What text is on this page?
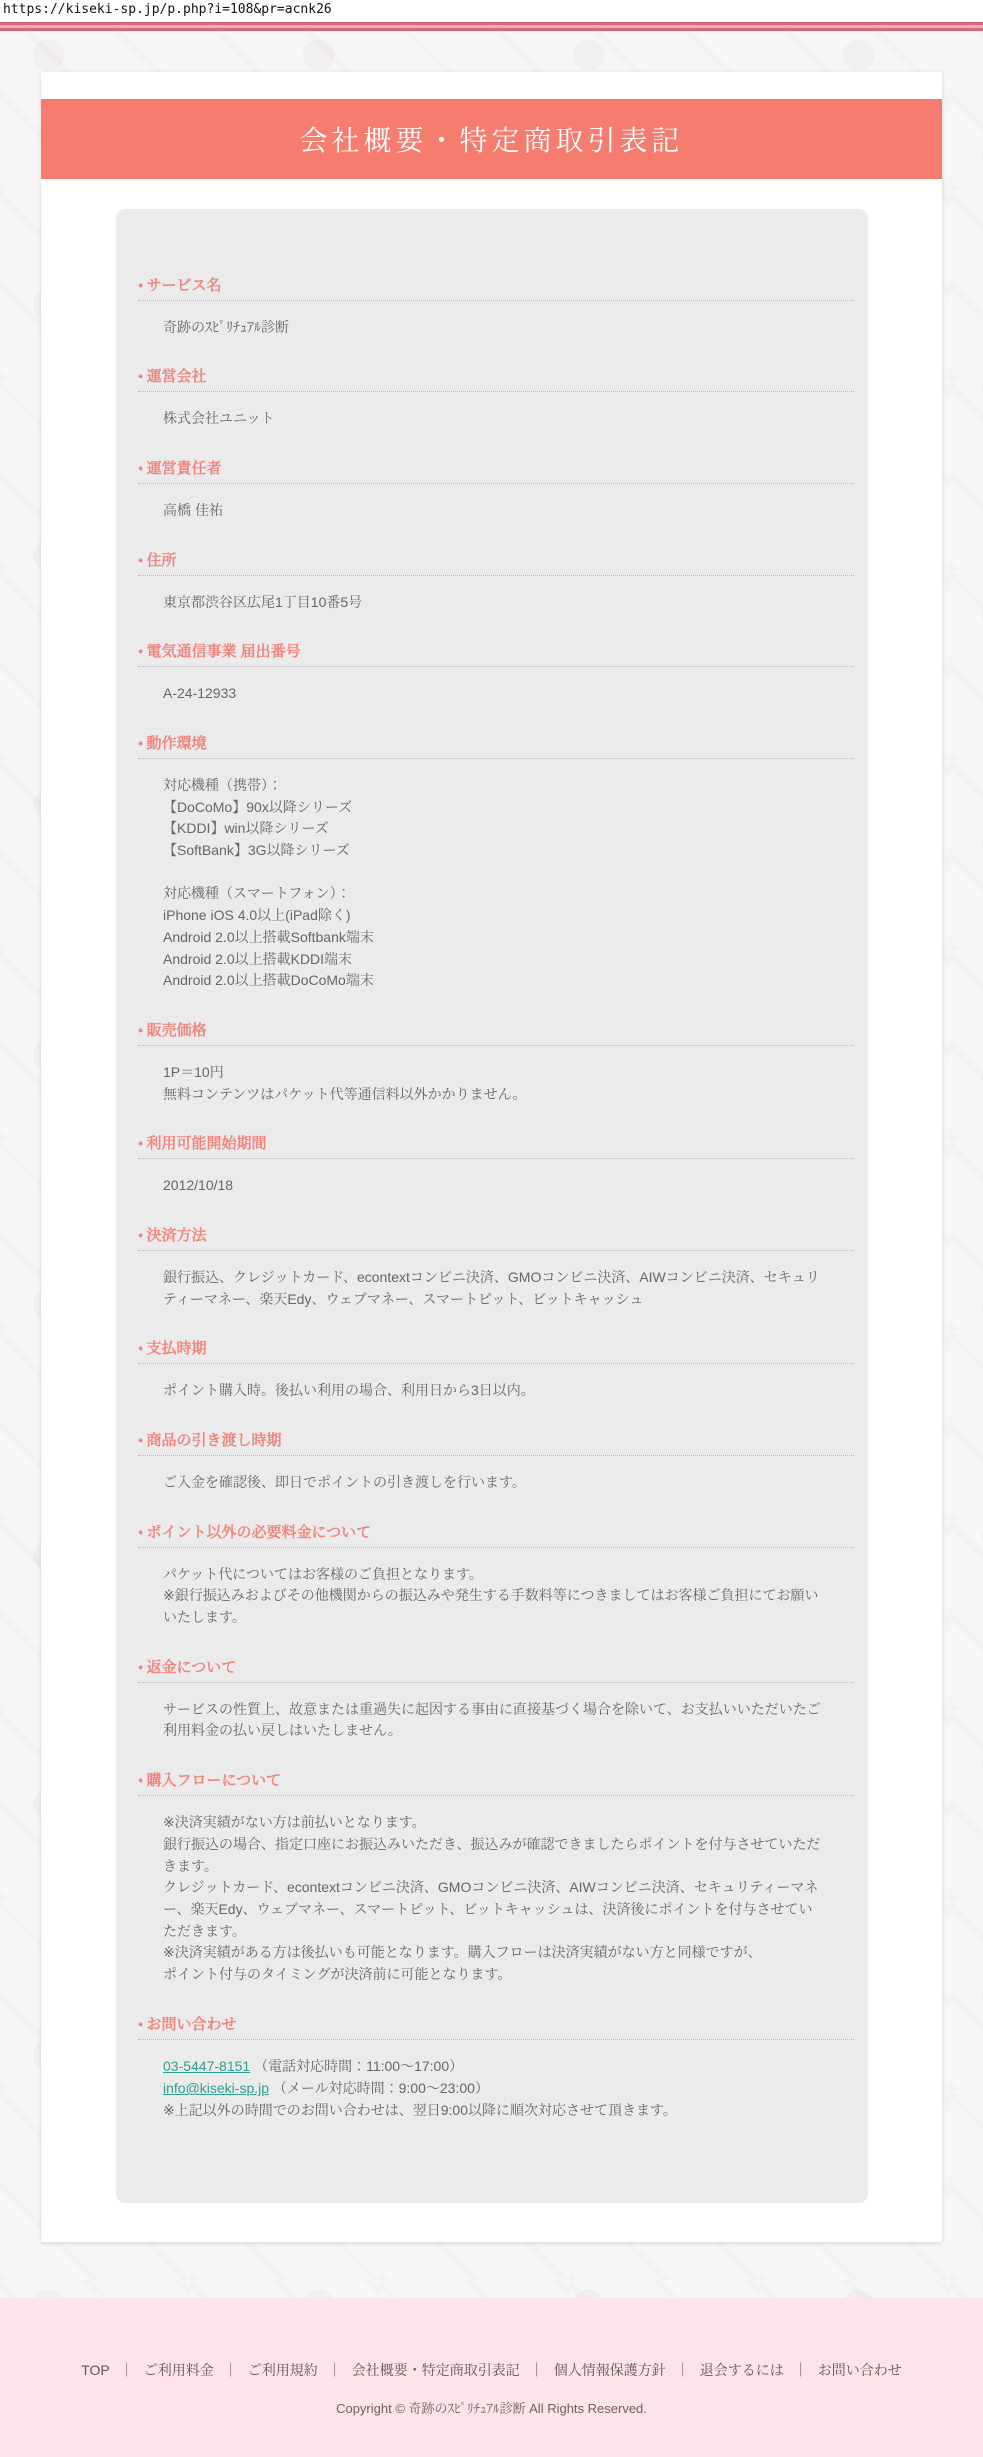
https://kiseki-sp.jp/p.php?i=108&pr=acnk26
会社概要・特定商取引表記
● サービス名
奇跡のｽﾋﾟﾘﾁｭｱﾙ診断
● 運営会社
株式会社ユニット
● 運営責任者
高橋 佳祐
● 住所
東京都渋谷区広尾1丁目10番5号
● 電気通信事業 届出番号
A-24-12933
● 動作環境
対応機種（携帯）：
【DoCoMo】90x以降シリーズ
【KDDI】win以降シリーズ
【SoftBank】3G以降シリーズ

対応機種（スマートフォン）：
iPhone iOS 4.0以上(iPad除く)
Android 2.0以上搭載Softbank端末
Android 2.0以上搭載KDDI端末
Android 2.0以上搭載DoCoMo端末
● 販売価格
1P＝10円
無料コンテンツはパケット代等通信料以外かかりません。
● 利用可能開始期間
2012/10/18
● 決済方法
銀行振込、クレジットカード、econtextコンビニ決済、GMOコンビニ決済、AIWコンビニ決済、セキュリティーマネー、楽天Edy、ウェブマネー、スマートピット、ビットキャッシュ
● 支払時期
ポイント購入時。後払い利用の場合、利用日から3日以内。
● 商品の引き渡し時期
ご入金を確認後、即日でポイントの引き渡しを行います。
● ポイント以外の必要料金について
パケット代についてはお客様のご負担となります。
※銀行振込みおよびその他機関からの振込みや発生する手数料等につきましてはお客様ご負担にてお願いいたします。
● 返金について
サービスの性質上、故意または重過失に起因する事由に直接基づく場合を除いて、お支払いいただいたご利用料金の払い戻しはいたしません。
● 購入フローについて
※決済実績がない方は前払いとなります。
銀行振込の場合、指定口座にお振込みいただき、振込みが確認できましたらポイントを付与させていただきます。
クレジットカード、econtextコンビニ決済、GMOコンビニ決済、AIWコンビニ決済、セキュリティーマネー、楽天Edy、ウェブマネー、スマートピット、ビットキャッシュは、決済後にポイントを付与させていただきます。
※決済実績がある方は後払いも可能となります。購入フローは決済実績がない方と同様ですが、
ポイント付与のタイミングが決済前に可能となります。
● お問い合わせ
03-5447-8151 （電話対応時間：11:00～17:00）
info@kiseki-sp.jp （メール対応時間：9:00～23:00）
※上記以外の時間でのお問い合わせは、翌日9:00以降に順次対応させて頂きます。
TOP ｜ ご利用料金 ｜ ご利用規約 ｜ 会社概要・特定商取引表記 ｜ 個人情報保護方針 ｜ 退会するには ｜ お問い合わせ
Copyright © 奇跡のｽﾋﾟﾘﾁｭｱﾙ診断 All Rights Reserved.
